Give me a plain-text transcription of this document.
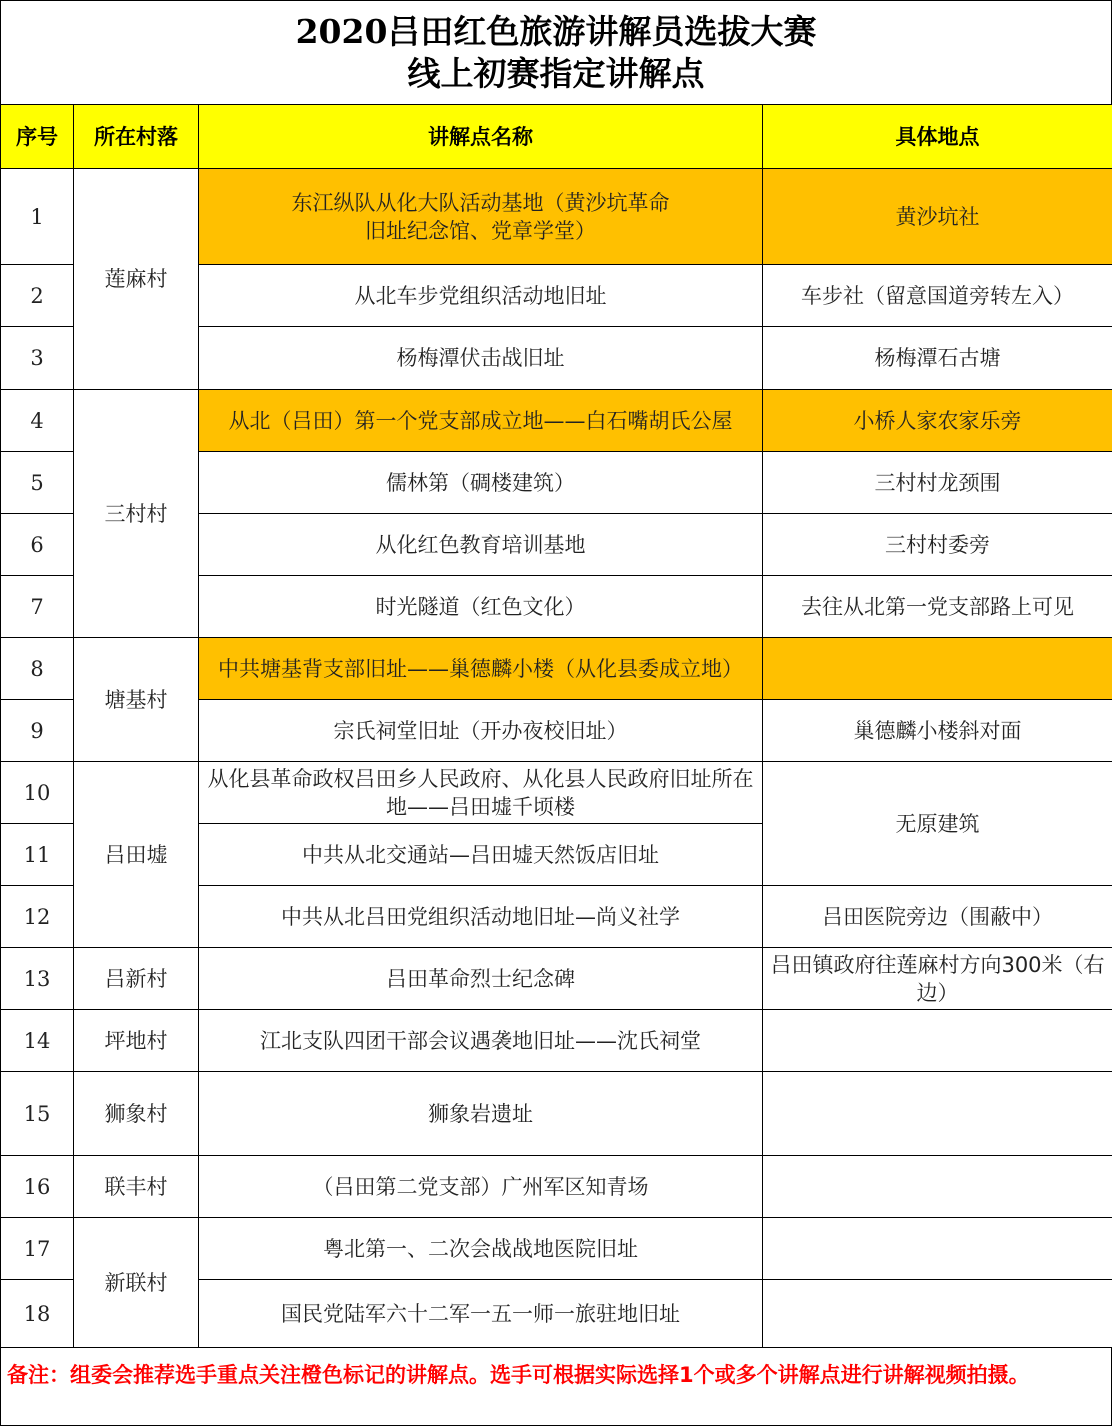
2020吕田红色旅游讲解员选拔大赛
线上初赛指定讲解点
序号	所在村落	讲解点名称	具体地点
1	莲麻村	东江纵队从化大队活动基地（黄沙坑革命旧址纪念馆、党章学堂）	黄沙坑社
2		从北车步党组织活动地旧址	车步社（留意国道旁转左入）
3		杨梅潭伏击战旧址	杨梅潭石古塘
4	三村村	从北（吕田）第一个党支部成立地——白石嘴胡氏公屋	小桥人家农家乐旁
5		儒林第（碉楼建筑）	三村村龙颈围
6		从化红色教育培训基地	三村村委旁
7		时光隧道（红色文化）	去往从北第一党支部路上可见
8	塘基村	中共塘基背支部旧址——巢德麟小楼（从化县委成立地）	
9		宗氏祠堂旧址（开办夜校旧址）	巢德麟小楼斜对面
10	吕田墟	从化县革命政权吕田乡人民政府、从化县人民政府旧址所在地——吕田墟千顷楼	无原建筑
11		中共从北交通站—吕田墟天然饭店旧址	
12		中共从北吕田党组织活动地旧址—尚义社学	吕田医院旁边（围蔽中）
13	吕新村	吕田革命烈士纪念碑	吕田镇政府往莲麻村方向300米（右边）
14	坪地村	江北支队四团干部会议遇袭地旧址——沈氏祠堂	
15	狮象村	狮象岩遗址	
16	联丰村	（吕田第二党支部）广州军区知青场	
17	新联村	粤北第一、二次会战战地医院旧址	
18		国民党陆军六十二军一五一师一旅驻地旧址	
备注：组委会推荐选手重点关注橙色标记的讲解点。选手可根据实际选择1个或多个讲解点进行讲解视频拍摄。
